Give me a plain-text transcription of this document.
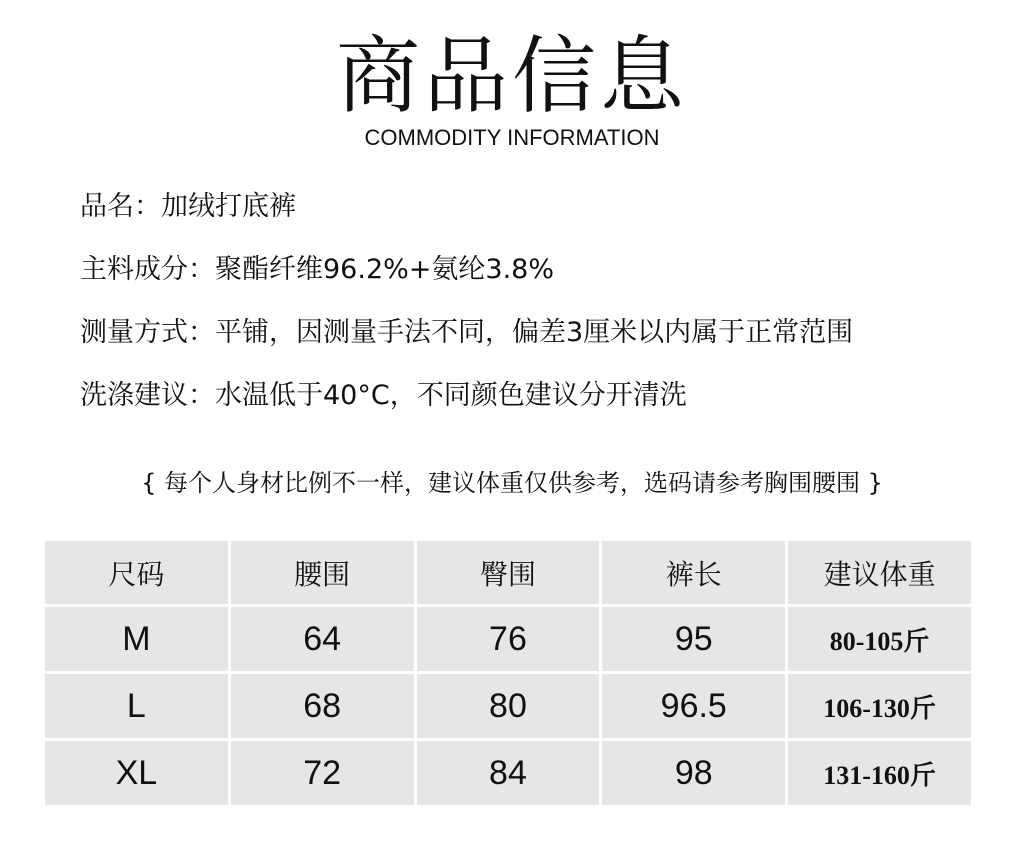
商品信息
COMMODITY INFORMATION
品名：加绒打底裤
主料成分：聚酯纤维96.2%+氨纶3.8%
测量方式：平铺，因测量手法不同，偏差3厘米以内属于正常范围
洗涤建议：水温低于40°C，不同颜色建议分开清洗
{ 每个人身材比例不一样，建议体重仅供参考，选码请参考胸围腰围 }
尺码	腰围	臀围	裤长	建议体重
M	64	76	95	80-105斤
L	68	80	96.5	106-130斤
XL	72	84	98	131-160斤
